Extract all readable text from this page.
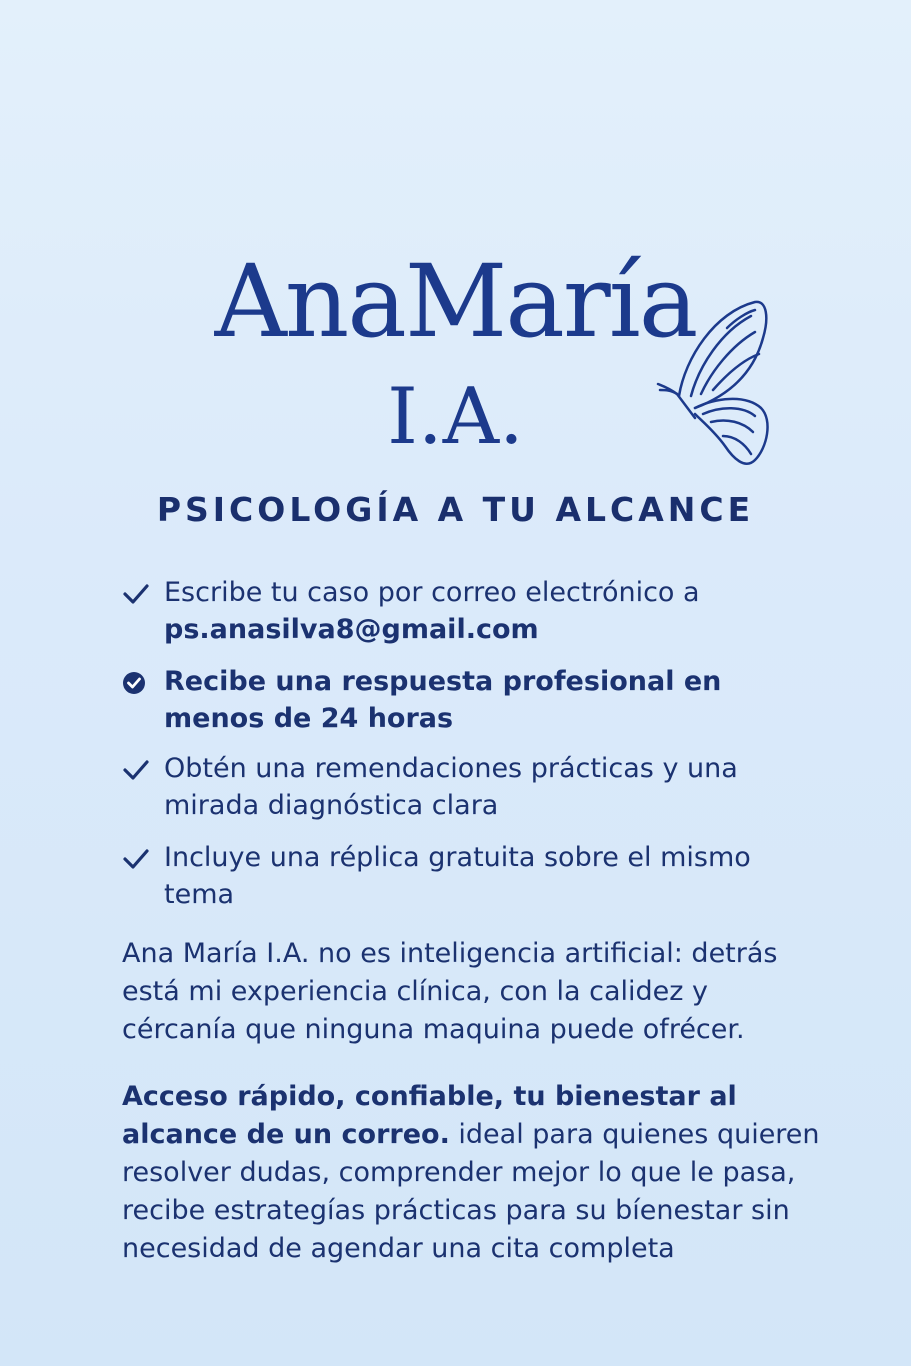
AnaMaría
I.A.
PSICOLOGÍA A TU ALCANCE
Escribe tu caso por correo electrónico a
ps.anasilva8@gmail.com
Recibe una respuesta profesional en menos de 24 horas
Obtén una remendaciones prácticas y una mirada diagnóstica clara
Incluye una réplica gratuita sobre el mismo tema

Ana María I.A. no es inteligencia artificial: detrás está mi experiencia clínica, con la calidez y cércanía que ninguna maquina puede ofrécer.

Acceso rápido, confiable, tu bienestar al alcance de un correo. ideal para quienes quieren resolver dudas, comprender mejor lo que le pasa, recibe estrategías prácticas para su bíenestar sin necesidad de agendar una cita completa
